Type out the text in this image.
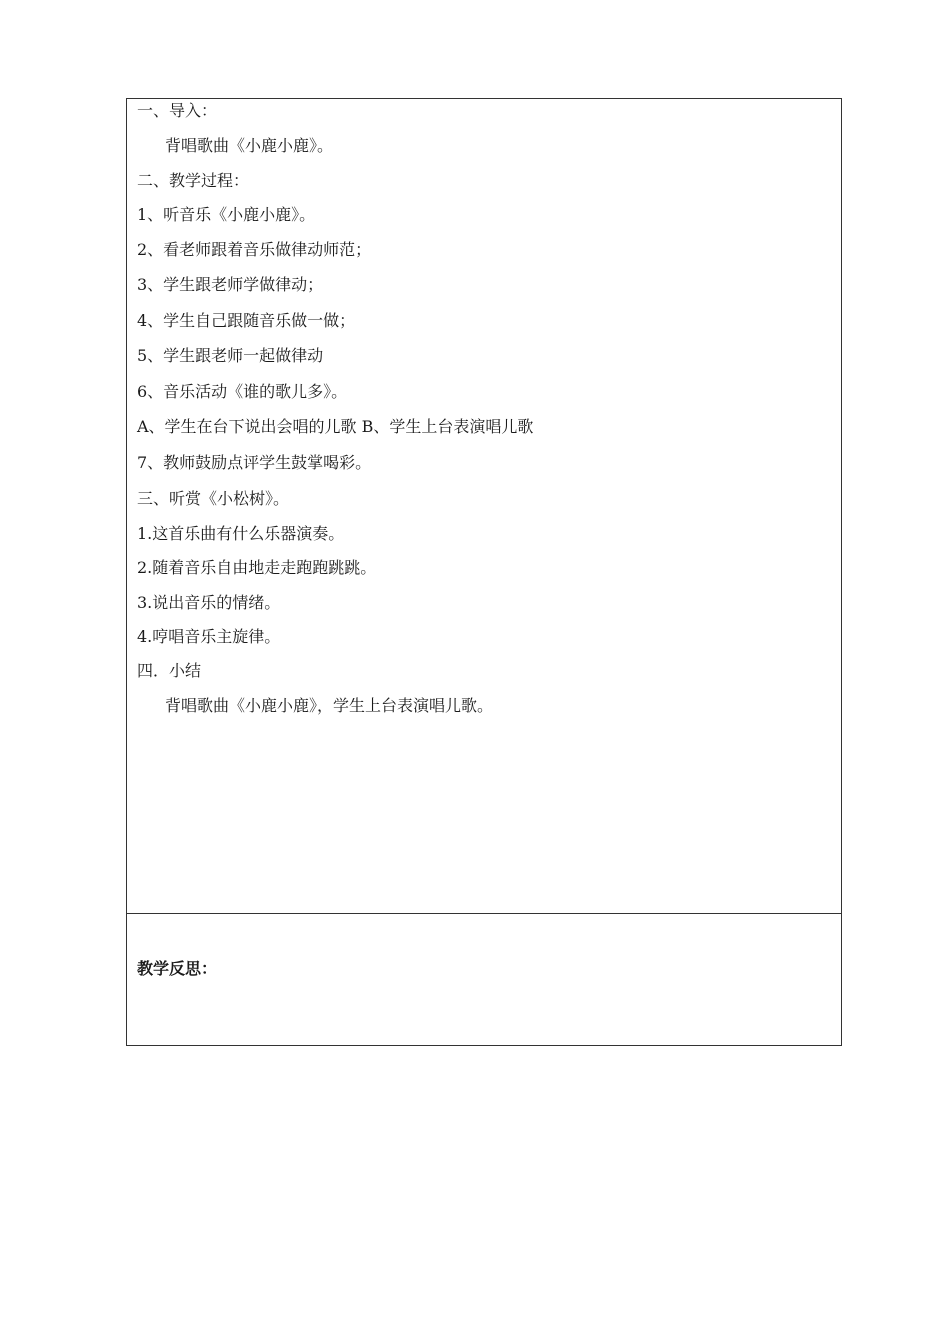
一、导入：
背唱歌曲《小鹿小鹿》。
二、教学过程：
1、听音乐《小鹿小鹿》。
2、看老师跟着音乐做律动师范；
3、学生跟老师学做律动；
4、学生自己跟随音乐做一做；
5、学生跟老师一起做律动
6、音乐活动《谁的歌儿多》。
A、学生在台下说出会唱的儿歌 B、学生上台表演唱儿歌
7、教师鼓励点评学生鼓掌喝彩。
三、听赏《小松树》。
1.这首乐曲有什么乐器演奏。
2.随着音乐自由地走走跑跑跳跳。
3.说出音乐的情绪。
4.哼唱音乐主旋律。
四．小结
背唱歌曲《小鹿小鹿》，学生上台表演唱儿歌。
教学反思：
